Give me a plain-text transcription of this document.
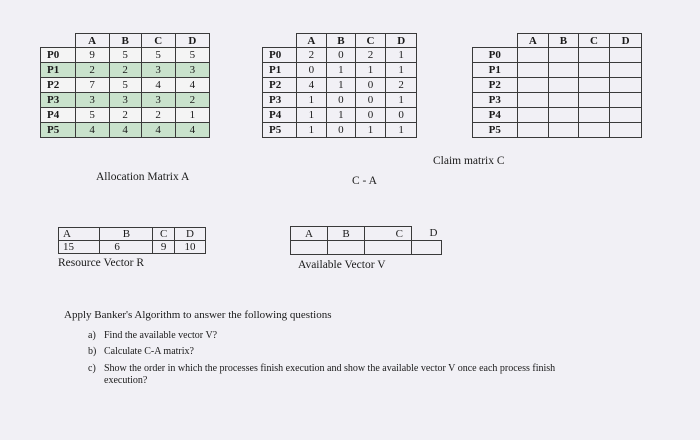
	A	B	C	D
P0	9	5	5	5
P1	2	2	3	3
P2	7	5	4	4
P3	3	3	3	2
P4	5	2	2	1
P5	4	4	4	4
Allocation Matrix A
	A	B	C	D
P0	2	0	2	1
P1	0	1	1	1
P2	4	1	0	2
P3	1	0	0	1
P4	1	1	0	0
P5	1	0	1	1
C - A
	A	B	C	D
P0				
P1				
P2				
P3				
P4				
P5				
Claim matrix C
A	B	C	D
15	6	9	10
Resource Vector R
A	B	C	D

Available Vector V
Apply Banker's Algorithm to answer the following questions
a) Find the available vector V?
b) Calculate C-A matrix?
c) Show the order in which the processes finish execution and show the available vector V once each process finish execution?
